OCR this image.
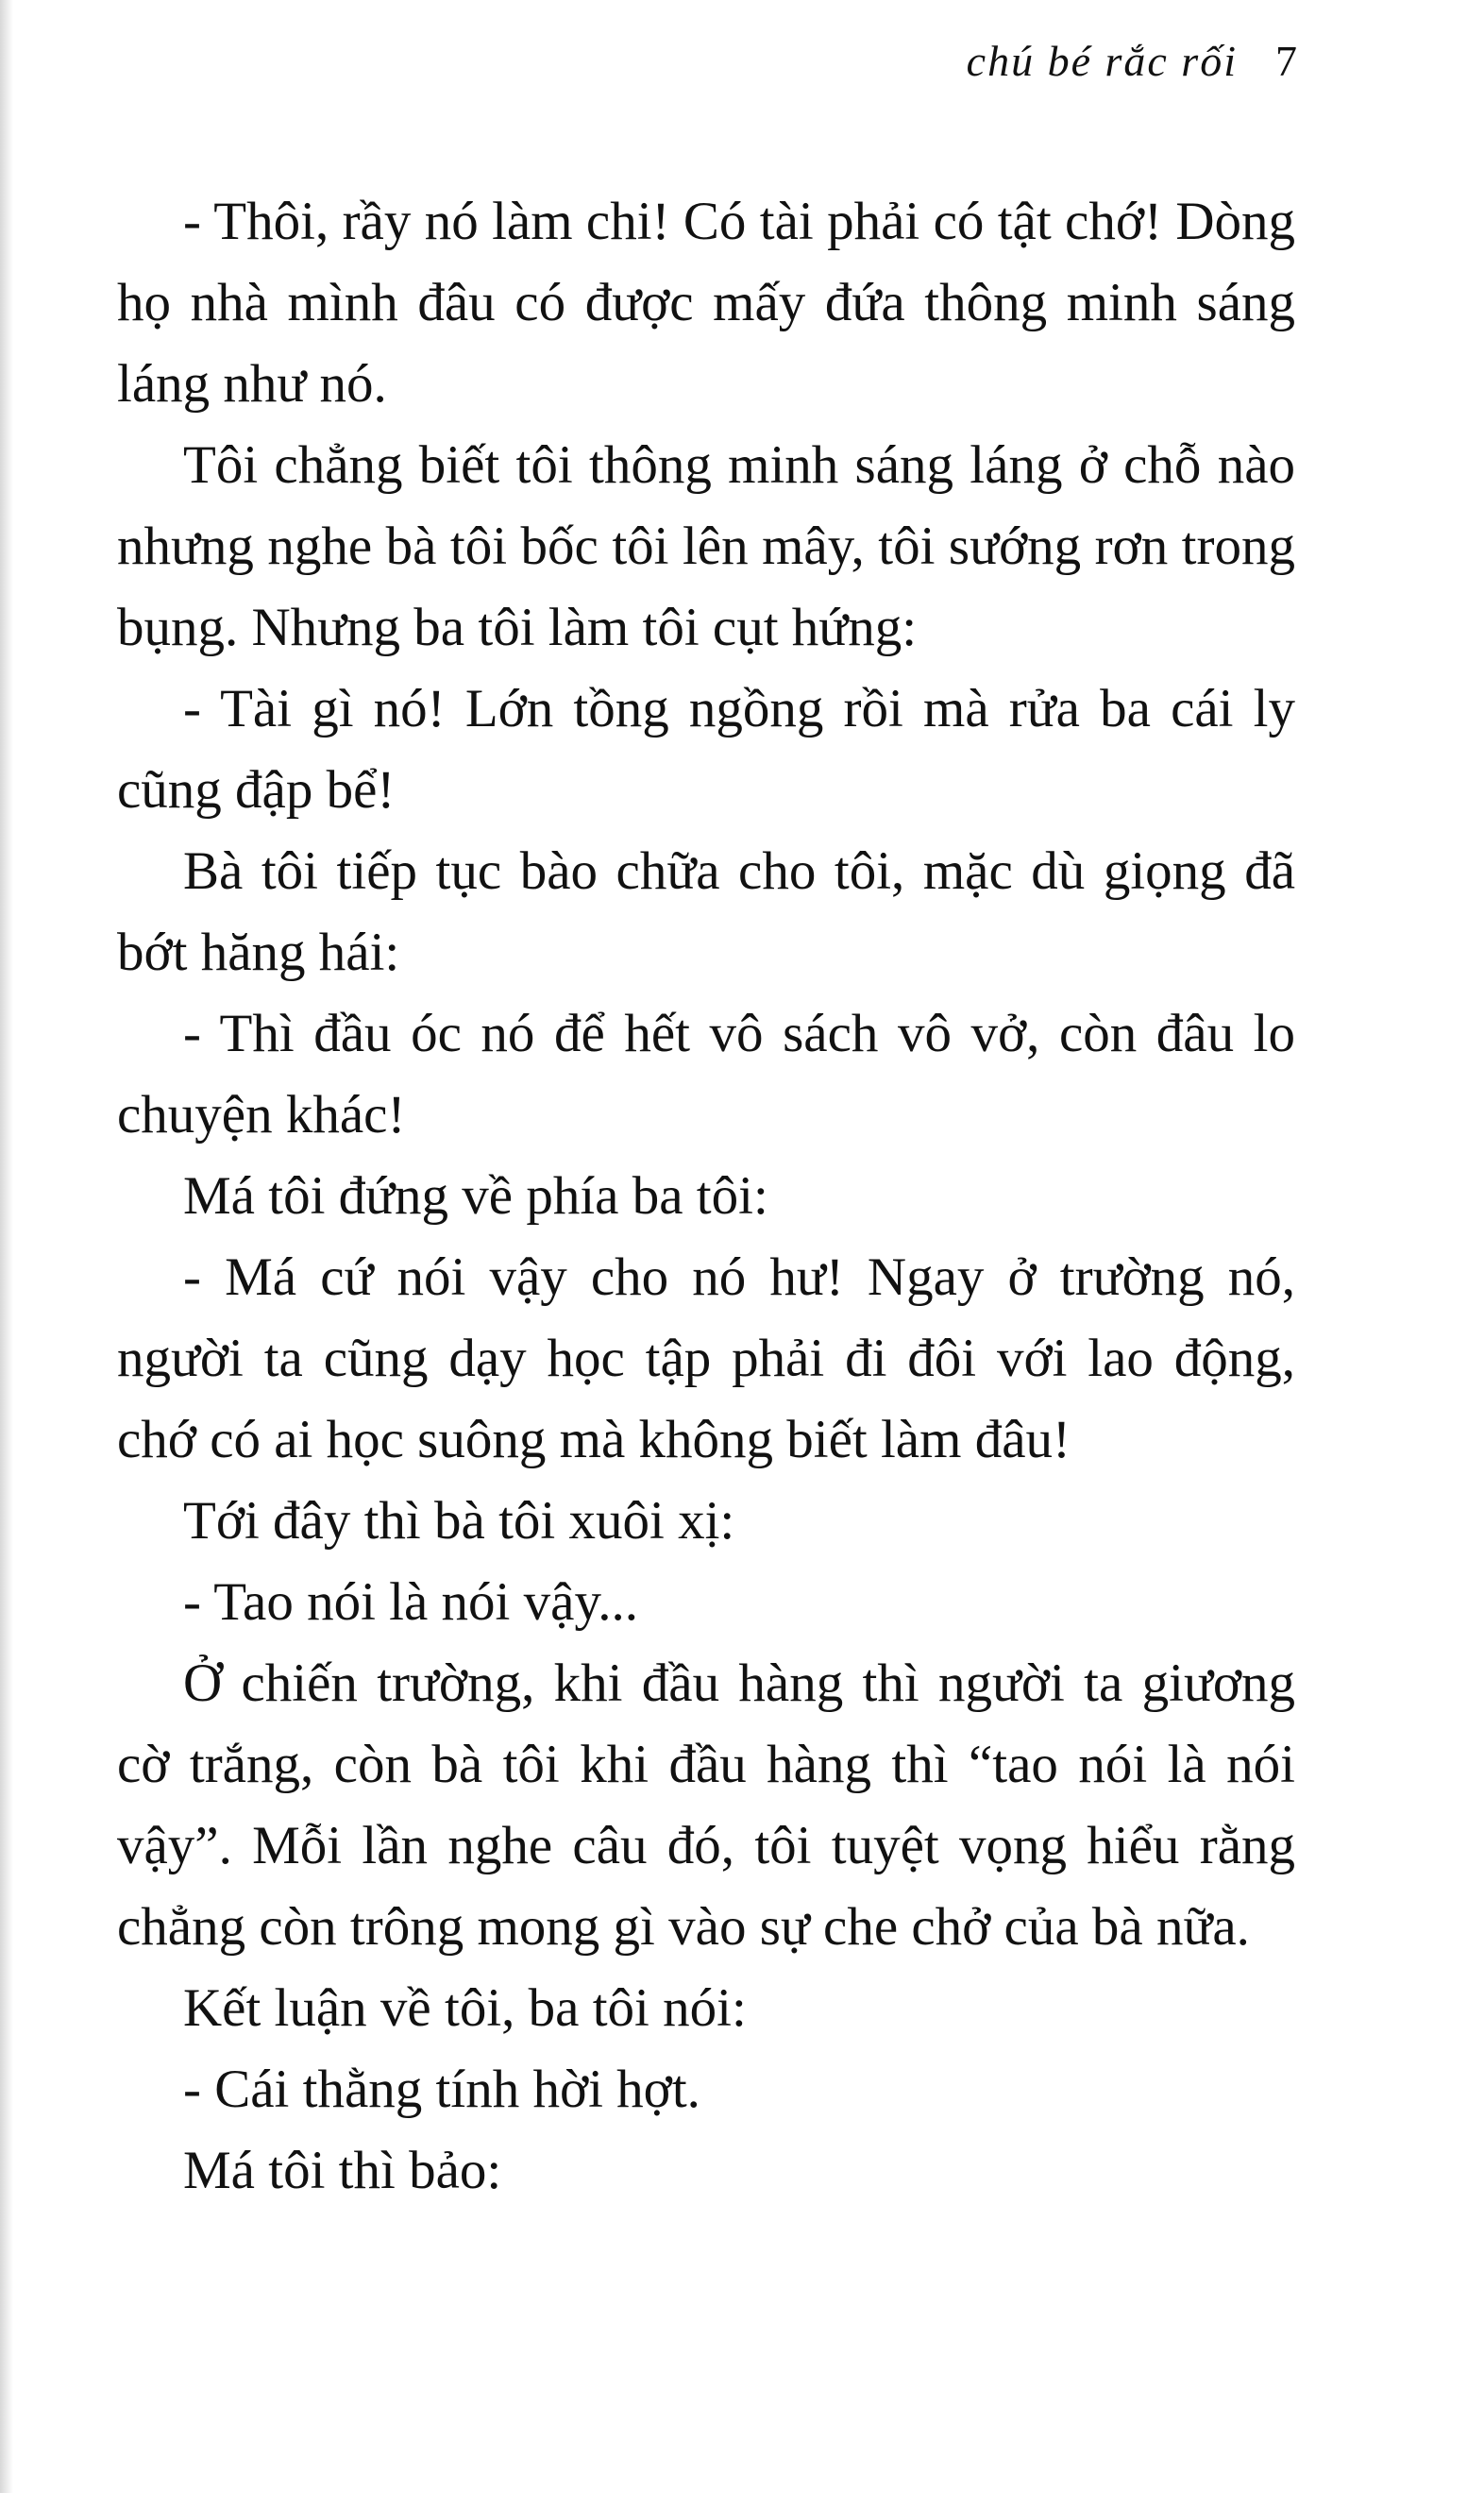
chú bé rắc rối 7

- Thôi, rầy nó làm chi! Có tài phải có tật chớ! Dòng họ nhà mình đâu có được mấy đứa thông minh sáng láng như nó.

Tôi chẳng biết tôi thông minh sáng láng ở chỗ nào nhưng nghe bà tôi bốc tôi lên mây, tôi sướng rơn trong bụng. Nhưng ba tôi làm tôi cụt hứng:

- Tài gì nó! Lớn tồng ngồng rồi mà rửa ba cái ly cũng đập bể!

Bà tôi tiếp tục bào chữa cho tôi, mặc dù giọng đã bớt hăng hái:

- Thì đầu óc nó để hết vô sách vô vở, còn đâu lo chuyện khác!

Má tôi đứng về phía ba tôi:

- Má cứ nói vậy cho nó hư! Ngay ở trường nó, người ta cũng dạy học tập phải đi đôi với lao động, chớ có ai học suông mà không biết làm đâu!

Tới đây thì bà tôi xuôi xị:

- Tao nói là nói vậy...

Ở chiến trường, khi đầu hàng thì người ta giương cờ trắng, còn bà tôi khi đầu hàng thì “tao nói là nói vậy”. Mỗi lần nghe câu đó, tôi tuyệt vọng hiểu rằng chẳng còn trông mong gì vào sự che chở của bà nữa.

Kết luận về tôi, ba tôi nói:

- Cái thằng tính hời hợt.

Má tôi thì bảo:
